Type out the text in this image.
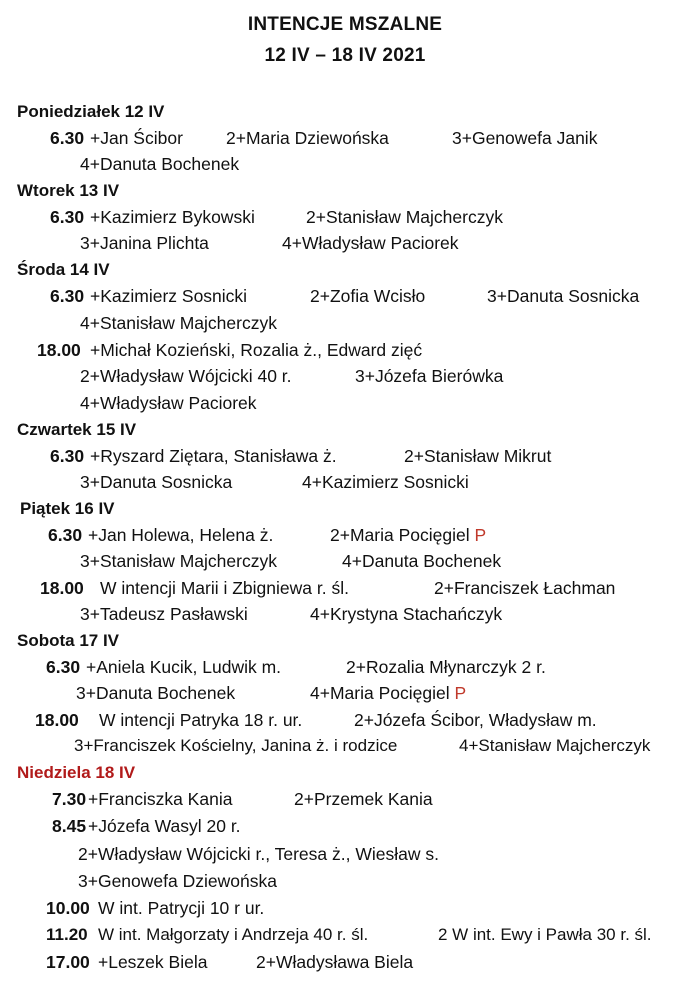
INTENCJE MSZALNE
12 IV – 18 IV 2021
Poniedziałek 12 IV
6.30 +Jan Ścibor 2+Maria Dziewońska	3+Genowefa Janik
4+Danuta Bochenek
Wtorek 13 IV
6.30 +Kazimierz Bykowski	2+Stanisław Majcherczyk
3+Janina Plichta	4+Władysław Paciorek
Środa 14 IV
6.30 +Kazimierz Sosnicki	2+Zofia Wcisło	3+Danuta Sosnicka
4+Stanisław Majcherczyk
18.00 +Michał Kozieński, Rozalia ż., Edward zięć
2+Władysław Wójcicki 40 r.	3+Józefa Bierówka
4+Władysław Paciorek
Czwartek 15 IV
6.30 +Ryszard Ziętara, Stanisława ż.	2+Stanisław Mikrut
3+Danuta Sosnicka	4+Kazimierz Sosnicki
Piątek 16 IV
6.30 +Jan Holewa, Helena ż.	2+Maria Pocięgiel P
3+Stanisław Majcherczyk	4+Danuta Bochenek
18.00 W intencji Marii i Zbigniewa r. śl.	2+Franciszek Łachman
3+Tadeusz Pasławski	4+Krystyna Stachańczyk
Sobota 17 IV
6.30 +Aniela Kucik, Ludwik m.	2+Rozalia Młynarczyk 2 r.
3+Danuta Bochenek	4+Maria Pocięgiel P
18.00 W intencji Patryka 18 r. ur.	2+Józefa Ścibor, Władysław m.
3+Franciszek Kościelny, Janina ż. i rodzice	4+Stanisław Majcherczyk
Niedziela 18 IV
7.30 +Franciszka Kania	2+Przemek Kania
8.45 +Józefa Wasyl 20 r.
2+Władysław Wójcicki r., Teresa ż., Wiesław s.
3+Genowefa Dziewońska
10.00 W int. Patrycji 10 r ur.
11.20 W int. Małgorzaty i Andrzeja 40 r. śl.	2 W int. Ewy i Pawła 30 r. śl.
17.00 +Leszek Biela	2+Władysława Biela
